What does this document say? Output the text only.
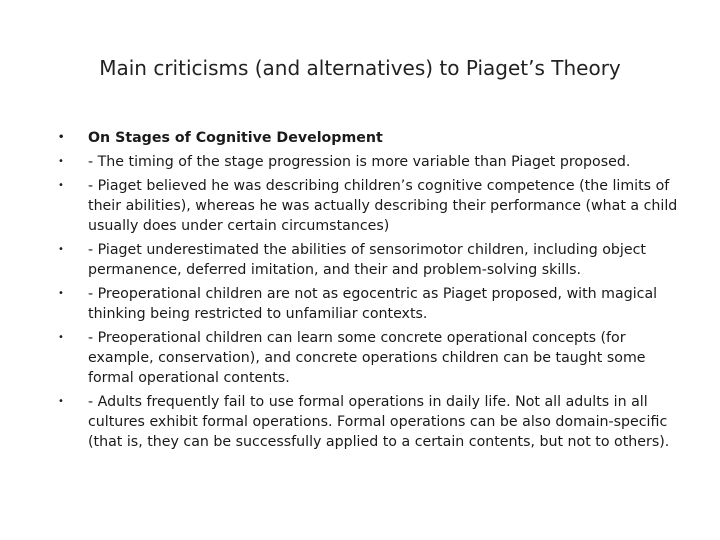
Main criticisms (and alternatives) to Piaget’s Theory
•	On Stages of Cognitive Development
•	- The timing of the stage progression is more variable than Piaget proposed.
•	- Piaget believed he was describing children’s cognitive competence (the limits of their abilities), whereas he was actually describing their performance (what a child usually does under certain circumstances)
•	- Piaget underestimated the abilities of sensorimotor children, including object permanence, deferred imitation, and their and problem-solving skills.
•	- Preoperational children are not as egocentric as Piaget proposed, with magical thinking being restricted to unfamiliar contexts.
•	- Preoperational children can learn some concrete operational concepts (for example, conservation), and concrete operations children can be taught some formal operational contents.
•	- Adults frequently fail to use formal operations in daily life. Not all adults in all cultures exhibit formal operations. Formal operations can be also domain-specific (that is, they can be successfully applied to a certain contents, but not to others).
